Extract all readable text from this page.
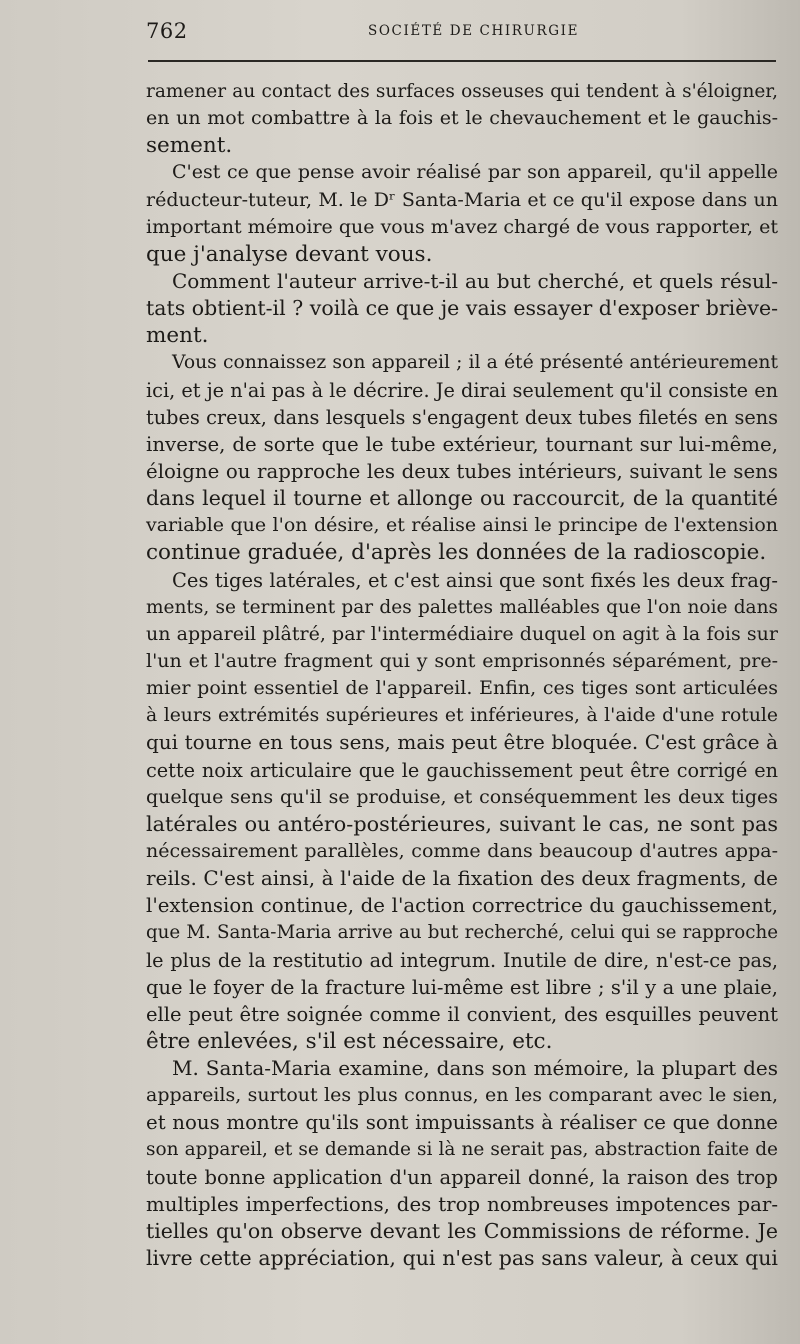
762	SOCIÉTÉ DE CHIRURGIE
ramener au contact des surfaces osseuses qui tendent à s'éloigner,
en un mot combattre à la fois et le chevauchement et le gauchis-
sement.
C'est ce que pense avoir réalisé par son appareil, qu'il appelle
réducteur-tuteur, M. le Dʳ Santa-Maria et ce qu'il expose dans un
important mémoire que vous m'avez chargé de vous rapporter, et
que j'analyse devant vous.
Comment l'auteur arrive-t-il au but cherché, et quels résul-
tats obtient-il ? voilà ce que je vais essayer d'exposer briève-
ment.
Vous connaissez son appareil ; il a été présenté antérieurement
ici, et je n'ai pas à le décrire. Je dirai seulement qu'il consiste en
tubes creux, dans lesquels s'engagent deux tubes filetés en sens
inverse, de sorte que le tube extérieur, tournant sur lui-même,
éloigne ou rapproche les deux tubes intérieurs, suivant le sens
dans lequel il tourne et allonge ou raccourcit, de la quantité
variable que l'on désire, et réalise ainsi le principe de l'extension
continue graduée, d'après les données de la radioscopie.
Ces tiges latérales, et c'est ainsi que sont fixés les deux frag-
ments, se terminent par des palettes malléables que l'on noie dans
un appareil plâtré, par l'intermédiaire duquel on agit à la fois sur
l'un et l'autre fragment qui y sont emprisonnés séparément, pre-
mier point essentiel de l'appareil. Enfin, ces tiges sont articulées
à leurs extrémités supérieures et inférieures, à l'aide d'une rotule
qui tourne en tous sens, mais peut être bloquée. C'est grâce à
cette noix articulaire que le gauchissement peut être corrigé en
quelque sens qu'il se produise, et conséquemment les deux tiges
latérales ou antéro-postérieures, suivant le cas, ne sont pas
nécessairement parallèles, comme dans beaucoup d'autres appa-
reils. C'est ainsi, à l'aide de la fixation des deux fragments, de
l'extension continue, de l'action correctrice du gauchissement,
que M. Santa-Maria arrive au but recherché, celui qui se rapproche
le plus de la restitutio ad integrum. Inutile de dire, n'est-ce pas,
que le foyer de la fracture lui-même est libre ; s'il y a une plaie,
elle peut être soignée comme il convient, des esquilles peuvent
être enlevées, s'il est nécessaire, etc.
M. Santa-Maria examine, dans son mémoire, la plupart des
appareils, surtout les plus connus, en les comparant avec le sien,
et nous montre qu'ils sont impuissants à réaliser ce que donne
son appareil, et se demande si là ne serait pas, abstraction faite de
toute bonne application d'un appareil donné, la raison des trop
multiples imperfections, des trop nombreuses impotences par-
tielles qu'on observe devant les Commissions de réforme. Je
livre cette appréciation, qui n'est pas sans valeur, à ceux qui
